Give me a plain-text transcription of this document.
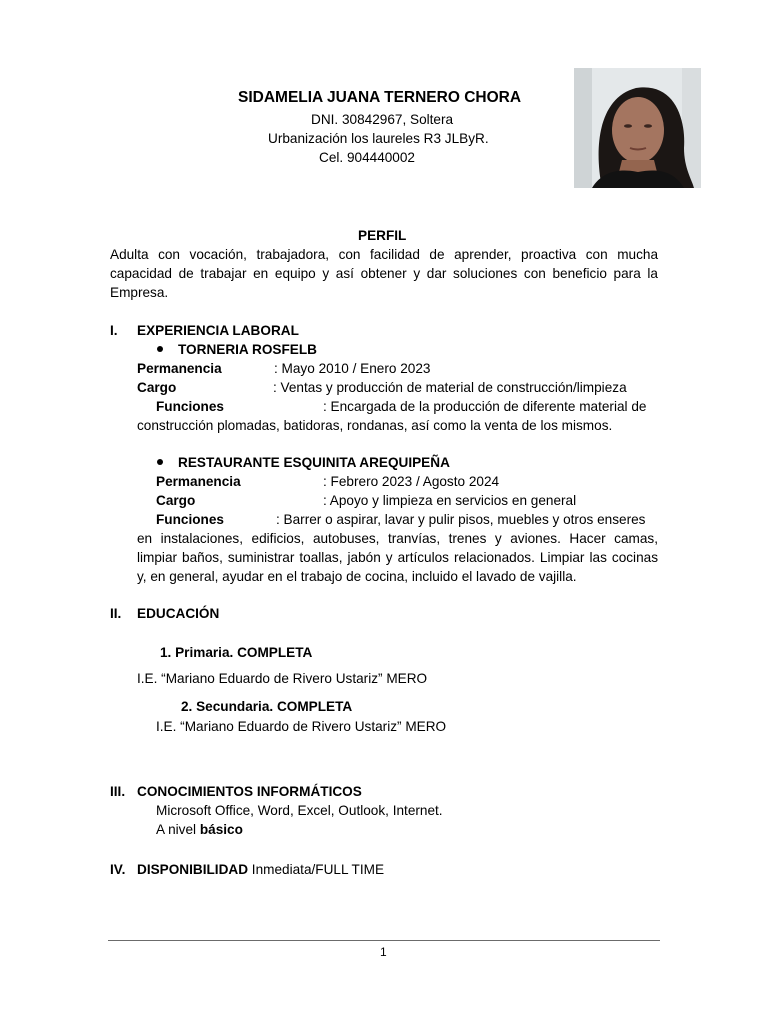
SIDAMELIA JUANA TERNERO CHORA
DNI. 30842967, Soltera
Urbanización los laureles R3 JLByR.
Cel. 904440002
PERFIL
Adulta con vocación, trabajadora, con facilidad de aprender, proactiva con mucha capacidad de trabajar en equipo y así obtener y dar soluciones con beneficio para la Empresa.
I. EXPERIENCIA LABORAL
TORNERIA ROSFELB
Permanencia	: Mayo 2010 / Enero 2023
Cargo	: Ventas y producción de material de construcción/limpieza
Funciones	: Encargada de la producción de diferente material de
construcción plomadas, batidoras, rondanas, así como la venta de los mismos.
RESTAURANTE ESQUINITA AREQUIPEÑA
Permanencia	: Febrero 2023 / Agosto 2024
Cargo	: Apoyo y limpieza en servicios en general
Funciones	: Barrer o aspirar, lavar y pulir pisos, muebles y otros enseres
en instalaciones, edificios, autobuses, tranvías, trenes y aviones. Hacer camas, limpiar baños, suministrar toallas, jabón y artículos relacionados. Limpiar las cocinas y, en general, ayudar en el trabajo de cocina, incluido el lavado de vajilla.
II. EDUCACIÓN
1. Primaria. COMPLETA
I.E. “Mariano Eduardo de Rivero Ustariz” MERO
2. Secundaria. COMPLETA
I.E. “Mariano Eduardo de Rivero Ustariz” MERO
III. CONOCIMIENTOS INFORMÁTICOS
Microsoft Office, Word, Excel, Outlook, Internet.
A nivel básico
IV. DISPONIBILIDAD Inmediata/FULL TIME
1
